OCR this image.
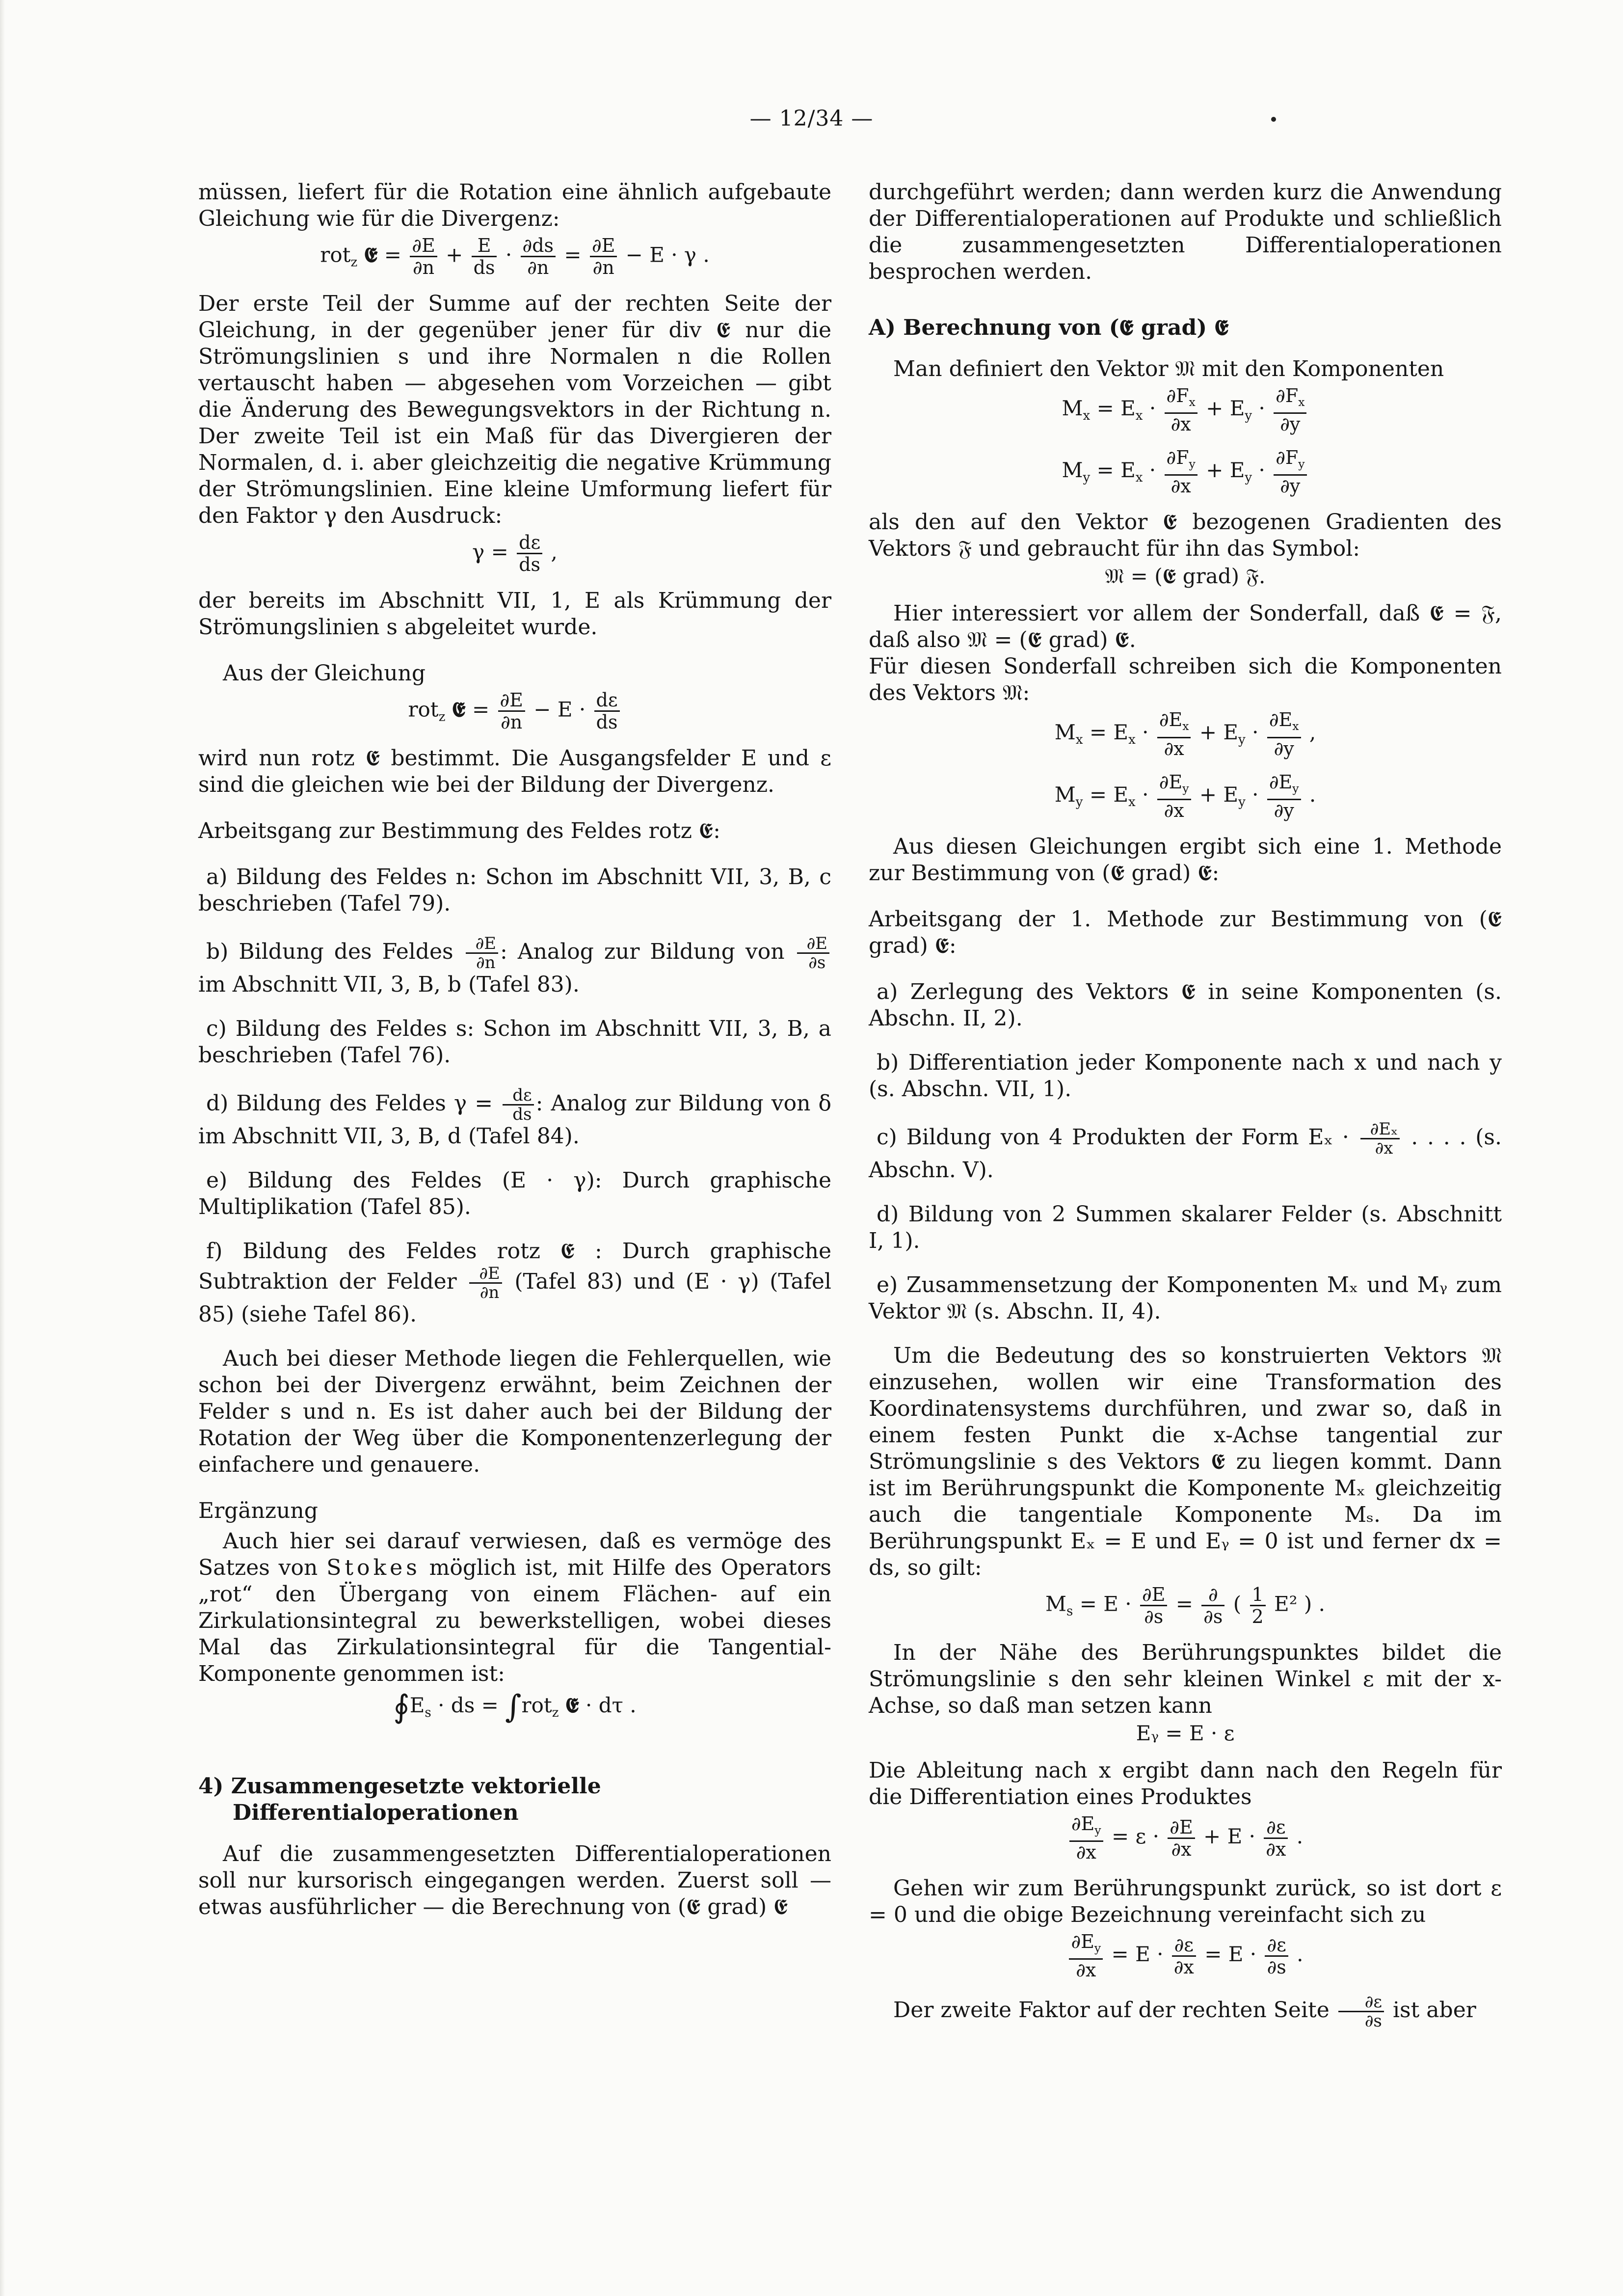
— 12/34 —

müssen, liefert für die Rotation eine ähnlich aufgebaute Gleichung wie für die Divergenz:

rot$_z$ 𝕰 = $\frac{\partial E}{\partial n} + \frac{E}{ds} \cdot \frac{\partial ds}{\partial n} = \frac{\partial E}{\partial n} - E \cdot \gamma$ .

Der erste Teil der Summe auf der rechten Seite der Gleichung, in der gegenüber jener für div 𝕰 nur die Strömungslinien s und ihre Normalen n die Rollen vertauscht haben — abgesehen vom Vorzeichen — gibt die Änderung des Bewegungsvektors in der Richtung n. Der zweite Teil ist ein Maß für das Divergieren der Normalen, d. i. aber gleichzeitig die negative Krümmung der Strömungslinien. Eine kleine Umformung liefert für den Faktor γ den Ausdruck:

$\gamma = \frac{d\varepsilon}{ds}$ ,

der bereits im Abschnitt VII, 1, E als Krümmung der Strömungslinien s abgeleitet wurde.

Aus der Gleichung

rot$_z$ 𝕰 = $\frac{\partial E}{\partial n} - E \cdot \frac{d\varepsilon}{ds}$

wird nun rotz 𝕰 bestimmt. Die Ausgangsfelder E und ε sind die gleichen wie bei der Bildung der Divergenz.

Arbeitsgang zur Bestimmung des Feldes rotz 𝕰:

a) Bildung des Feldes n: Schon im Abschnitt VII, 3, B, c beschrieben (Tafel 79).
b) Bildung des Feldes $\frac{\partial E}{\partial n}$ : Analog zur Bildung von $\frac{\partial E}{\partial s}$
im Abschnitt VII, 3, B, b (Tafel 83).
c) Bildung des Feldes s: Schon im Abschnitt VII, 3, B, a beschrieben (Tafel 76).
d) Bildung des Feldes $\gamma = \frac{d\varepsilon}{ds}$ : Analog zur Bildung von δ im Abschnitt VII, 3, B, d (Tafel 84).
e) Bildung des Feldes (E · γ): Durch graphische Multiplikation (Tafel 85).
f) Bildung des Feldes rotz 𝕰 : Durch graphische Subtraktion der Felder $\frac{\partial E}{\partial n}$ (Tafel 83) und (E · γ) (Tafel 85) (siehe Tafel 86).

Auch bei dieser Methode liegen die Fehlerquellen, wie schon bei der Divergenz erwähnt, beim Zeichnen der Felder s und n. Es ist daher auch bei der Bildung der Rotation der Weg über die Komponentenzerlegung der einfachere und genauere.

Ergänzung

Auch hier sei darauf verwiesen, daß es vermöge des Satzes von Stokes möglich ist, mit Hilfe des Operators „rot“ den Übergang von einem Flächen- auf ein Zirkulationsintegral zu bewerkstelligen, wobei dieses Mal das Zirkulationsintegral für die Tangential-Komponente genommen ist:

$∮E_s$ · ds = ∫rot$_z$ 𝕰 · dτ .
4) Zusammengesetzte vektorielle Differentialoperationen

Auf die zusammengesetzten Differentialoperationen soll nur kursorisch eingegangen werden. Zuerst soll — etwas ausführlicher — die Berechnung von (𝕰 grad) 𝕰

durchgeführt werden; dann werden kurz die Anwendung der Differentialoperationen auf Produkte und schließlich die zusammengesetzten Differentialoperationen besprochen werden.

A) Berechnung von (𝕰 grad) 𝕰

Man definiert den Vektor 𝔐 mit den Komponenten

$M_x = E_x \cdot \frac{\partial F_x}{\partial x} + E_y \cdot \frac{\partial F_x}{\partial y}$
$M_y = E_x \cdot \frac{\partial F_y}{\partial x} + E_y \cdot \frac{\partial F_y}{\partial y}$

als den auf den Vektor 𝕰 bezogenen Gradienten des Vektors 𝔉 und gebraucht für ihn das Symbol:

𝔐 = (𝕰 grad) 𝔉.

Hier interessiert vor allem der Sonderfall, daß 𝕰 = 𝔉, daß also 𝔐 = (𝕰 grad) 𝕰.

Für diesen Sonderfall schreiben sich die Komponenten des Vektors 𝔐:

$M_x = E_x \cdot \frac{\partial E_x}{\partial x} + E_y \cdot \frac{\partial E_x}{\partial y}$ ,
$M_y = E_x \cdot \frac{\partial E_y}{\partial x} + E_y \cdot \frac{\partial E_y}{\partial y}$ .

Aus diesen Gleichungen ergibt sich eine 1. Methode zur Bestimmung von (𝕰 grad) 𝕰:

Arbeitsgang der 1. Methode zur Bestimmung von (𝕰 grad) 𝕰:

a) Zerlegung des Vektors 𝕰 in seine Komponenten (s. Abschn. II, 2).
b) Differentiation jeder Komponente nach x und nach y (s. Abschn. VII, 1).
c) Bildung von 4 Produkten der Form $E_x \cdot \frac{\text{∂Eₓ}}{\partial x}$ . . . . (s. Abschn. V).
d) Bildung von 2 Summen skalarer Felder (s. Abschnitt I, 1).
e) Zusammensetzung der Komponenten Mₓ und Mᵧ zum Vektor 𝔐 (s. Abschn. II, 4).

Um die Bedeutung des so konstruierten Vektors 𝔐 einzusehen, wollen wir eine Transformation des Koordinatensystems durchführen, und zwar so, daß in einem festen Punkt die x-Achse tangential zur Strömungslinie s des Vektors 𝕰 zu liegen kommt. Dann ist im Berührungspunkt die Komponente Mₓ gleichzeitig auch die tangentiale Komponente Mₛ. Da im Berührungspunkt Eₓ = E und Eᵧ = 0 ist und ferner dx = ds, so gilt:

$M_s = E \cdot \frac{\partial E}{\partial s} = \frac{\partial}{\partial s}$ ( $\frac{1}{2} E^2$ ) .

In der Nähe des Berührungspunktes bildet die Strömungslinie s den sehr kleinen Winkel ε mit der x-Achse, so daß man setzen kann

Eᵧ = E · ε

Die Ableitung nach x ergibt dann nach den Regeln für die Differentiation eines Produktes

$\frac{\partial E_y}{\partial x} = \varepsilon \cdot \frac{\partial E}{\partial x} + E \cdot \frac{\partial\varepsilon}{\partial x}$ .

Gehen wir zum Berührungspunkt zurück, so ist dort ε = 0 und die obige Bezeichnung vereinfacht sich zu

$\frac{\partial E_y}{\partial x} = E \cdot \frac{\partial\varepsilon}{\partial x} = E \cdot \frac{\partial\varepsilon}{\partial s}$ .

Der zweite Faktor auf der rechten Seite $\frac{\partial\varepsilon}{\partial s}$ ist aber
